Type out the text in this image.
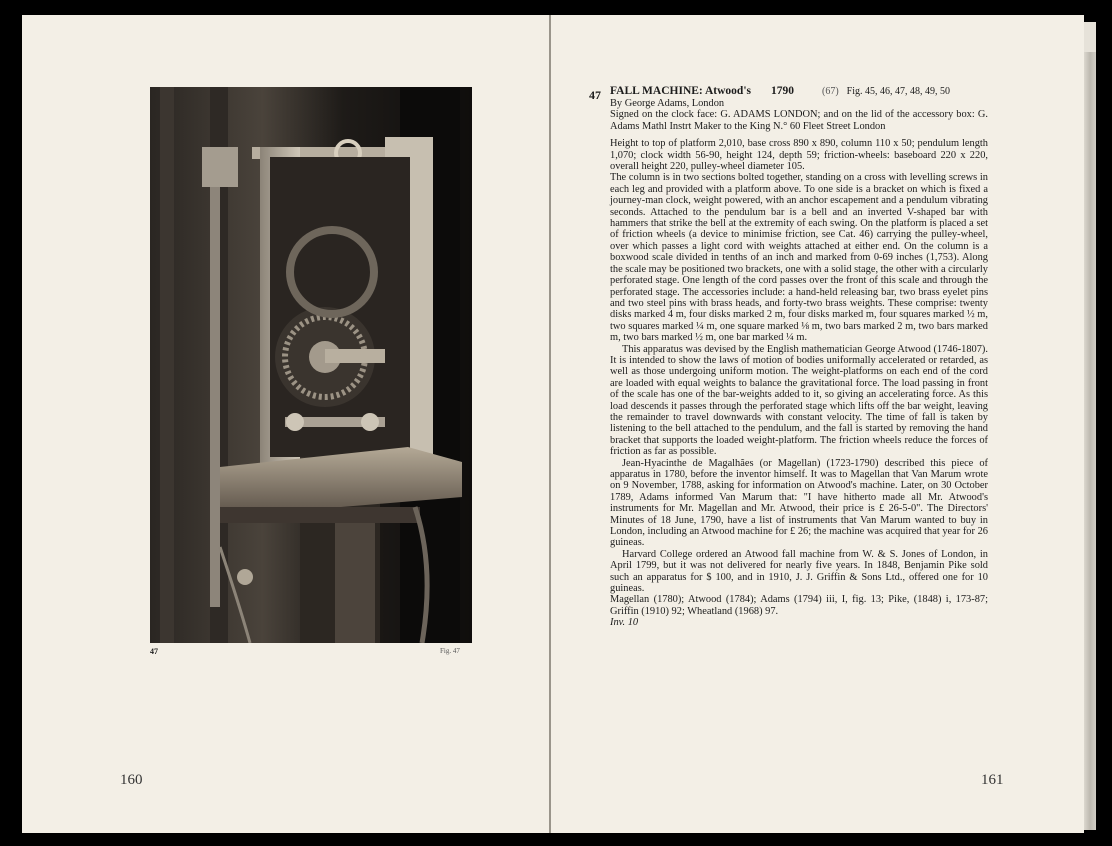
47	Fig. 47
160
47 FALL MACHINE: Atwood's 1790	(67) Fig. 45, 46, 47, 48, 49, 50

By George Adams, London

Signed on the clock face: G. ADAMS LONDON; and on the lid of the accessory box: G. Adams Mathl Instrt Maker to the King N.° 60 Fleet Street London

Height to top of platform 2,010, base cross 890 x 890, column 110 x 50; pendulum length 1,070; clock width 56-90, height 124, depth 59; friction-wheels: baseboard 220 x 220, overall height 220, pulley-wheel diameter 105.

The column is in two sections bolted together, standing on a cross with levelling screws in each leg and provided with a platform above. To one side is a bracket on which is fixed a journey-man clock, weight powered, with an anchor escapement and a pendulum vibrating seconds. Attached to the pendulum bar is a bell and an inverted V-shaped bar with hammers that strike the bell at the extremity of each swing. On the platform is placed a set of friction wheels (a device to minimise friction, see Cat. 46) carrying the pulley-wheel, over which passes a light cord with weights attached at either end. On the column is a boxwood scale divided in tenths of an inch and marked from 0-69 inches (1,753). Along the scale may be positioned two brackets, one with a solid stage, the other with a circularly perforated stage. One length of the cord passes over the front of this scale and through the perforated stage. The accessories include: a hand-held releasing bar, two brass eyelet pins and two steel pins with brass heads, and forty-two brass weights. These comprise: twenty disks marked 4 m, four disks marked 2 m, four disks marked m, four squares marked ½ m, two squares marked ¼ m, one square marked ⅛ m, two bars marked 2 m, two bars marked m, two bars marked ½ m, one bar marked ¼ m.

This apparatus was devised by the English mathematician George Atwood (1746-1807). It is intended to show the laws of motion of bodies uniformally accelerated or retarded, as well as those undergoing uniform motion. The weight-platforms on each end of the cord are loaded with equal weights to balance the gravitational force. The load passing in front of the scale has one of the bar-weights added to it, so giving an accelerating force. As this load descends it passes through the perforated stage which lifts off the bar weight, leaving the remainder to travel downwards with constant velocity. The time of fall is taken by listening to the bell attached to the pendulum, and the fall is started by removing the hand bracket that supports the loaded weight-platform. The friction wheels reduce the forces of friction as far as possible.

Jean-Hyacinthe de Magalhães (or Magellan) (1723-1790) described this piece of apparatus in 1780, before the inventor himself. It was to Magellan that Van Marum wrote on 9 November, 1788, asking for information on Atwood's machine. Later, on 30 October 1789, Adams informed Van Marum that: "I have hitherto made all Mr. Atwood's instruments for Mr. Magellan and Mr. Atwood, their price is £ 26-5-0". The Directors' Minutes of 18 June, 1790, have a list of instruments that Van Marum wanted to buy in London, including an Atwood machine for £ 26; the machine was acquired that year for 26 guineas.

Harvard College ordered an Atwood fall machine from W. & S. Jones of London, in April 1799, but it was not delivered for nearly five years. In 1848, Benjamin Pike sold such an apparatus for $ 100, and in 1910, J. J. Griffin & Sons Ltd., offered one for 10 guineas.

Magellan (1780); Atwood (1784); Adams (1794) iii, I, fig. 13; Pike, (1848) i, 173-87; Griffin (1910) 92; Wheatland (1968) 97.

Inv. 10

161
